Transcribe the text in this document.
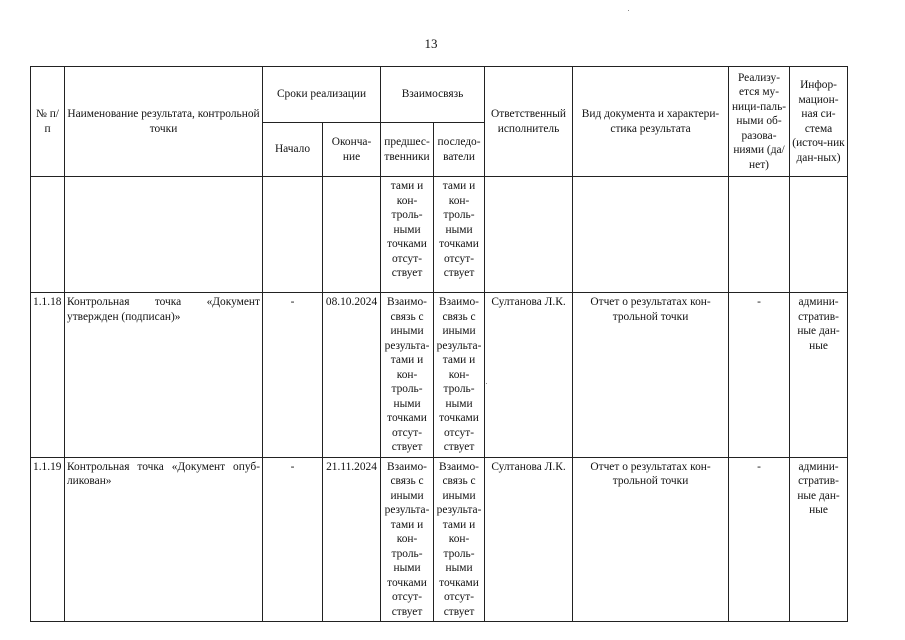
13
№ п/п	Наименование результата, контрольной точки	Сроки реализации		Взаимосвязь		Ответственный исполнитель	Вид документа и характери-стика результата	Реализу-ется му-ници-паль-ными об-разова-ниями (да/нет)	Инфор-мацион-ная си-стема (источ-ник дан-ных)
		Начало	Оконча-ние	предшес-твенники	последо-ватели				
				тами и кон-троль-ными точками отсут-ствует	тами и кон-троль-ными точками отсут-ствует				
1.1.18	Контрольная точка «Документ утвержден (подписан)»	-	08.10.2024	Взаимо-связь с иными результа-тами и кон-троль-ными точками отсут-ствует	Взаимо-связь с иными результа-тами и кон-троль-ными точками отсут-ствует	Султанова Л.К.	Отчет о результатах кон-трольной точки	-	админи-стратив-ные дан-ные
1.1.19	Контрольная точка «Документ опуб-ликован»	-	21.11.2024	Взаимо-связь с иными результа-тами и кон-троль-ными точками отсут-ствует	Взаимо-связь с иными результа-тами и кон-троль-ными точками отсут-ствует	Султанова Л.К.	Отчет о результатах кон-трольной точки	-	админи-стратив-ные дан-ные
